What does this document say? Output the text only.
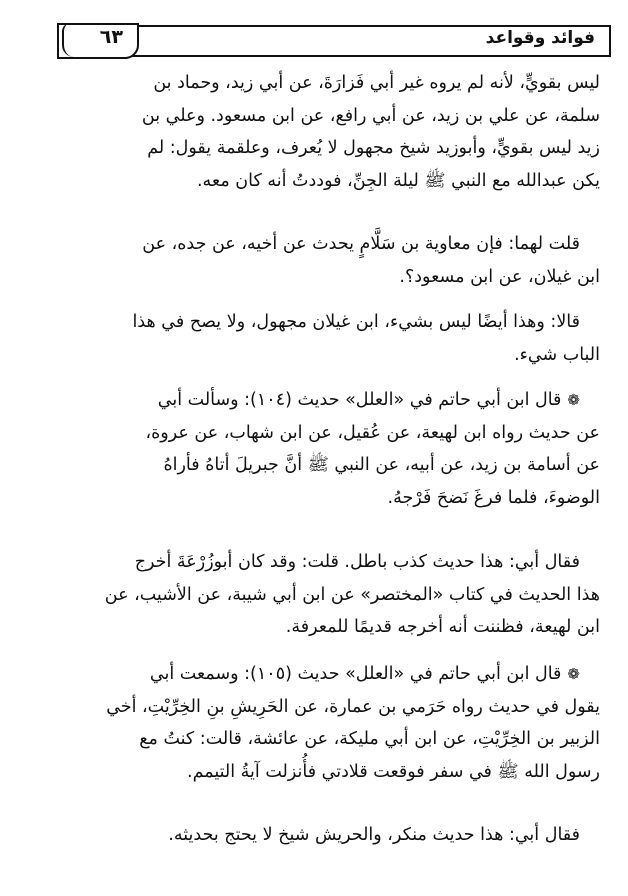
فوائد وقواعد
٦٣
ليس بقويٍّ، لأنه لم يروه غير أبي فَزارَةَ، عن أبي زيد، وحماد بن
سلمة، عن علي بن زيد، عن أبي رافع، عن ابن مسعود. وعلي بن
زيد ليس بقويٍّ، وأبوزيد شيخ مجهول لا يُعرف، وعلقمة يقول: لم
يكن عبدالله مع النبي ﷺ ليلة الجِنِّ، فوددتُ أنه كان معه.
قلت لهما: فإن معاوية بن سَلَّامٍ يحدث عن أخيه، عن جده، عن
ابن غيلان، عن ابن مسعود؟.
قالا: وهذا أيضًا ليس بشيء، ابن غيلان مجهول، ولا يصح في هذا
الباب شيء.
❁قال ابن أبي حاتم في «العلل» حديث (١٠٤): وسألت أبي
عن حديث رواه ابن لهيعة، عن عُقيل، عن ابن شهاب، عن عروة،
عن أسامة بن زيد، عن أبيه، عن النبي ﷺ أنَّ جبريلَ أتاهُ فأراهُ
الوضوءَ، فلما فرغَ نَضحَ فَرْجهُ.
فقال أبي: هذا حديث كذب باطل. قلت: وقد كان أبوزُرْعَةَ أخرج
هذا الحديث في كتاب «المختصر» عن ابن أبي شيبة، عن الأشيب، عن
ابن لهيعة، فظننت أنه أخرجه قديمًا للمعرفة.
❁قال ابن أبي حاتم في «العلل» حديث (١٠٥): وسمعت أبي
يقول في حديث رواه حَرَمي بن عمارة، عن الحَرِيشِ بنِ الخِرِّيْتِ، أخي
الزبير بن الخِرِّيْتِ، عن ابن أبي مليكة، عن عائشة، قالت: كنتُ مع
رسول الله ﷺ في سفر فوقعت قلادتي فأُنزلت آيةُ التيمم.
فقال أبي: هذا حديث منكر، والحريش شيخ لا يحتج بحديثه.
